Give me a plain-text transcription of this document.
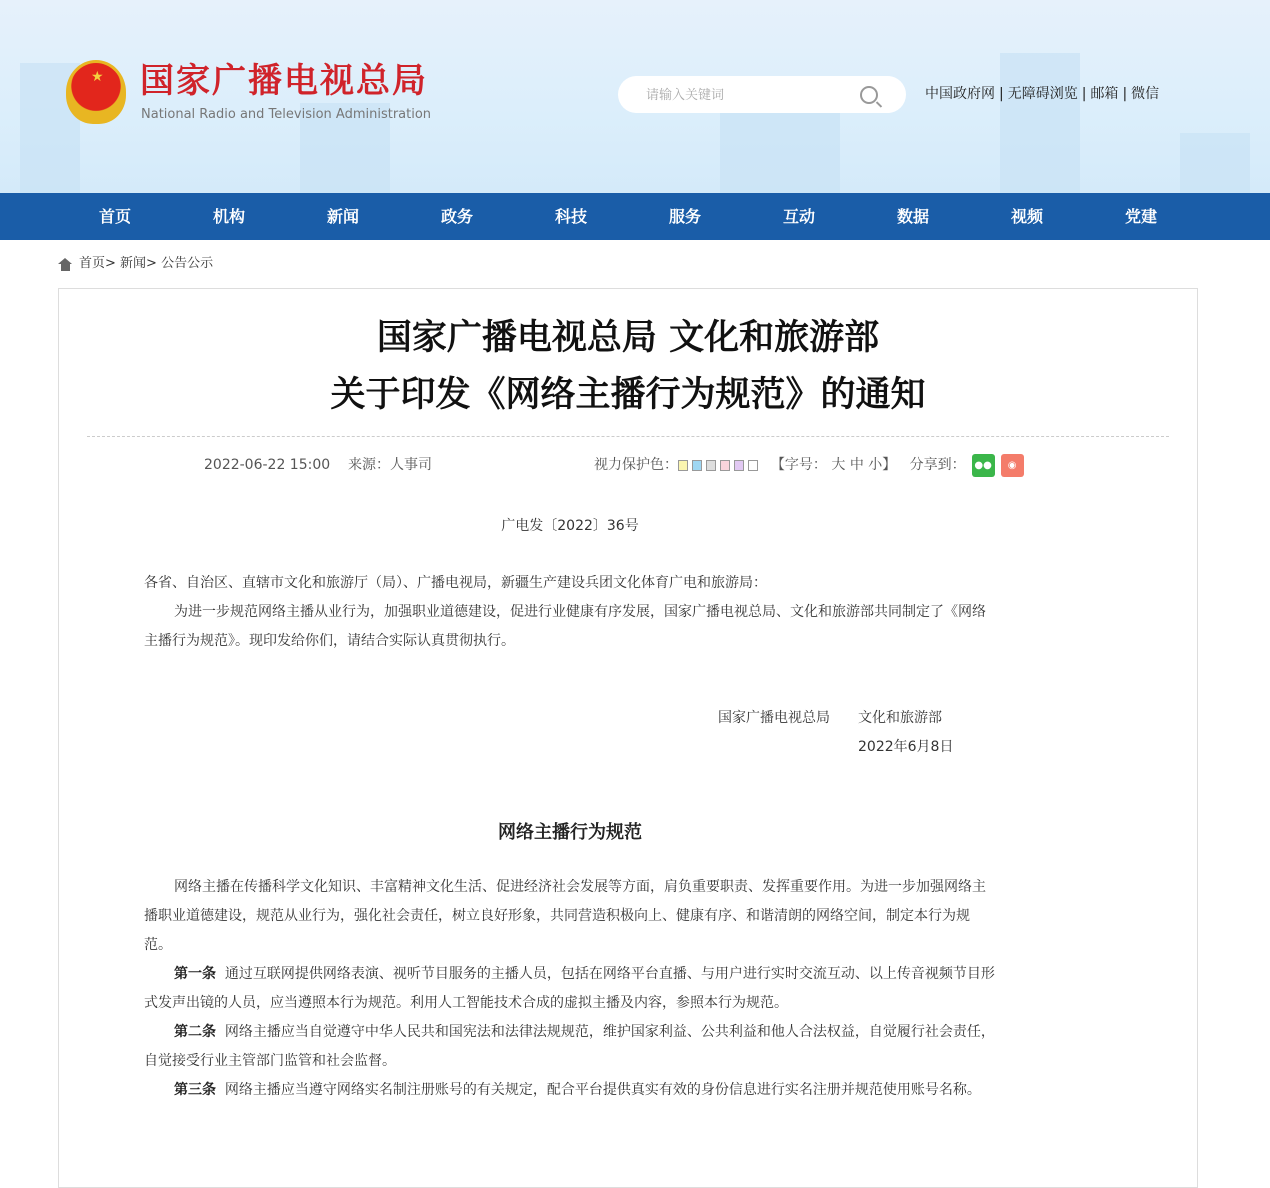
★ 国家广播电视总局
National Radio and Television Administration
请输入关键词
中国政府网 | 无障碍浏览 | 邮箱 | 微信
首页	机构	新闻	政务	科技	服务	互动	数据	视频	党建
首页>
新闻>
公告公示
国家广播电视总局 文化和旅游部
关于印发《网络主播行为规范》的通知
2022-06-22 15:00 来源：人事司	视力保护色：
	【字号：
大
中
小 】
分享到： ●●	◉

广电发〔2022〕36号

各省、自治区、直辖市文化和旅游厅（局）、广播电视局，新疆生产建设兵团文化体育广电和旅游局：

为进一步规范网络主播从业行为，加强职业道德建设，促进行业健康有序发展，国家广播电视总局、文化和旅游部共同制定了《网络主播行为规范》。现印发给你们，请结合实际认真贯彻执行。

国家广播电视总局　　文化和旅游部

2022年6月8日

网络主播行为规范

网络主播在传播科学文化知识、丰富精神文化生活、促进经济社会发展等方面，肩负重要职责、发挥重要作用。为进一步加强网络主播职业道德建设，规范从业行为，强化社会责任，树立良好形象，共同营造积极向上、健康有序、和谐清朗的网络空间，制定本行为规范。

第一条 通过互联网提供网络表演、视听节目服务的主播人员，包括在网络平台直播、与用户进行实时交流互动、以上传音视频节目形式发声出镜的人员，应当遵照本行为规范。利用人工智能技术合成的虚拟主播及内容，参照本行为规范。

第二条 网络主播应当自觉遵守中华人民共和国宪法和法律法规规范，维护国家利益、公共利益和他人合法权益，自觉履行社会责任，自觉接受行业主管部门监管和社会监督。

第三条 网络主播应当遵守网络实名制注册账号的有关规定，配合平台提供真实有效的身份信息进行实名注册并规范使用账号名称。
